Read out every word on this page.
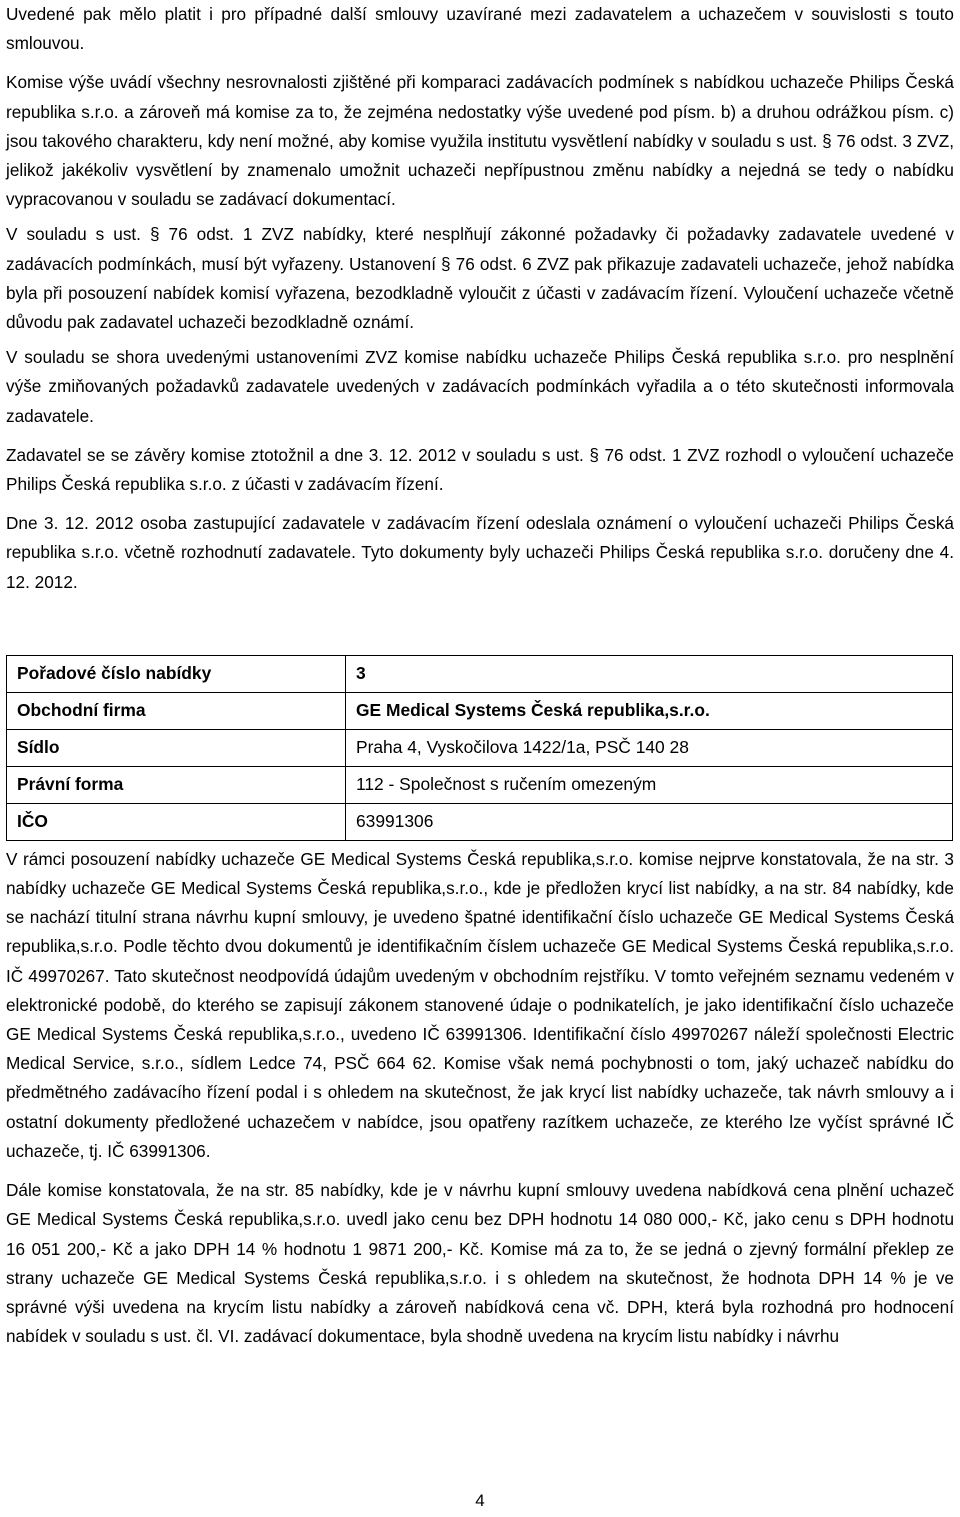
Uvedené pak mělo platit i pro případné další smlouvy uzavírané mezi zadavatelem a uchazečem v souvislosti s touto smlouvou.

Komise výše uvádí všechny nesrovnalosti zjištěné při komparaci zadávacích podmínek s nabídkou uchazeče Philips Česká republika s.r.o. a zároveň má komise za to, že zejména nedostatky výše uvedené pod písm. b) a druhou odrážkou písm. c) jsou takového charakteru, kdy není možné, aby komise využila institutu vysvětlení nabídky v souladu s ust. § 76 odst. 3 ZVZ, jelikož jakékoliv vysvětlení by znamenalo umožnit uchazeči nepřípustnou změnu nabídky a nejedná se tedy o nabídku vypracovanou v souladu se zadávací dokumentací.

V souladu s ust. § 76 odst. 1 ZVZ nabídky, které nesplňují zákonné požadavky či požadavky zadavatele uvedené v zadávacích podmínkách, musí být vyřazeny. Ustanovení § 76 odst. 6 ZVZ pak přikazuje zadavateli uchazeče, jehož nabídka byla při posouzení nabídek komisí vyřazena, bezodkladně vyloučit z účasti v zadávacím řízení. Vyloučení uchazeče včetně důvodu pak zadavatel uchazeči bezodkladně oznámí.

V souladu se shora uvedenými ustanoveními ZVZ komise nabídku uchazeče Philips Česká republika s.r.o. pro nesplnění výše zmiňovaných požadavků zadavatele uvedených v zadávacích podmínkách vyřadila a o této skutečnosti informovala zadavatele.

Zadavatel se se závěry komise ztotožnil a dne 3. 12. 2012 v souladu s ust. § 76 odst. 1 ZVZ rozhodl o vyloučení uchazeče Philips Česká republika s.r.o. z účasti v zadávacím řízení.

Dne 3. 12. 2012 osoba zastupující zadavatele v zadávacím řízení odeslala oznámení o vyloučení uchazeči Philips Česká republika s.r.o. včetně rozhodnutí zadavatele. Tyto dokumenty byly uchazeči Philips Česká republika s.r.o. doručeny dne 4. 12. 2012.

Pořadové číslo nabídky	3
Obchodní firma	GE Medical Systems Česká republika,s.r.o.
Sídlo	Praha 4, Vyskočilova 1422/1a, PSČ 140 28
Právní forma	112 - Společnost s ručením omezeným
IČO	63991306

V rámci posouzení nabídky uchazeče GE Medical Systems Česká republika,s.r.o. komise nejprve konstatovala, že na str. 3 nabídky uchazeče GE Medical Systems Česká republika,s.r.o., kde je předložen krycí list nabídky, a na str. 84 nabídky, kde se nachází titulní strana návrhu kupní smlouvy, je uvedeno špatné identifikační číslo uchazeče GE Medical Systems Česká republika,s.r.o. Podle těchto dvou dokumentů je identifikačním číslem uchazeče GE Medical Systems Česká republika,s.r.o. IČ 49970267. Tato skutečnost neodpovídá údajům uvedeným v obchodním rejstříku. V tomto veřejném seznamu vedeném v elektronické podobě, do kterého se zapisují zákonem stanovené údaje o podnikatelích, je jako identifikační číslo uchazeče GE Medical Systems Česká republika,s.r.o., uvedeno IČ 63991306. Identifikační číslo 49970267 náleží společnosti Electric Medical Service, s.r.o., sídlem Ledce 74, PSČ 664 62. Komise však nemá pochybnosti o tom, jaký uchazeč nabídku do předmětného zadávacího řízení podal i s ohledem na skutečnost, že jak krycí list nabídky uchazeče, tak návrh smlouvy a i ostatní dokumenty předložené uchazečem v nabídce, jsou opatřeny razítkem uchazeče, ze kterého lze vyčíst správné IČ uchazeče, tj. IČ 63991306.

Dále komise konstatovala, že na str. 85 nabídky, kde je v návrhu kupní smlouvy uvedena nabídková cena plnění uchazeč GE Medical Systems Česká republika,s.r.o. uvedl jako cenu bez DPH hodnotu 14 080 000,- Kč, jako cenu s DPH hodnotu 16 051 200,- Kč a jako DPH 14 % hodnotu 1 9871 200,- Kč. Komise má za to, že se jedná o zjevný formální překlep ze strany uchazeče GE Medical Systems Česká republika,s.r.o. i s ohledem na skutečnost, že hodnota DPH 14 % je ve správné výši uvedena na krycím listu nabídky a zároveň nabídková cena vč. DPH, která byla rozhodná pro hodnocení nabídek v souladu s ust. čl. VI. zadávací dokumentace, byla shodně uvedena na krycím listu nabídky i návrhu

4
